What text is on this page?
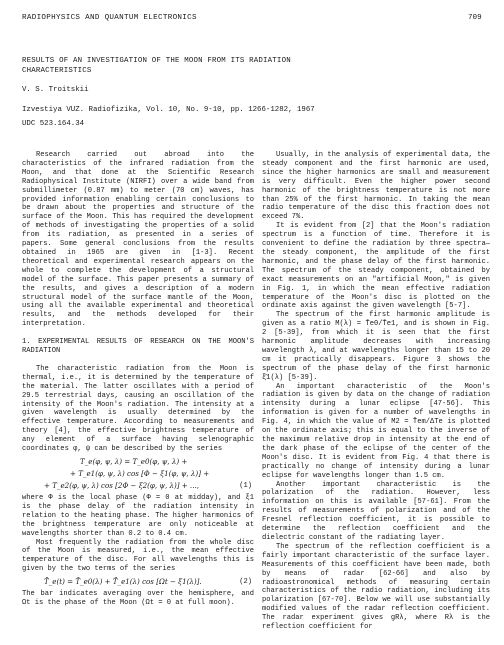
RADIOPHYSICS AND QUANTUM ELECTRONICS	709
RESULTS OF AN INVESTIGATION OF THE MOON FROM ITS RADIATION CHARACTERISTICS
V. S. Troitskii
Izvestiya VUZ. Radiofizika, Vol. 10, No. 9-10, pp. 1266-1282, 1967
UDC 523.164.34

Research carried out abroad into the characteristics of the infrared radiation from the Moon, and that done at the Scientific Research Radiophysical Institute (NIRFI) over a wide band from submillimeter (0.87 mm) to meter (70 cm) waves, has provided information enabling certain conclusions to be drawn about the properties and structure of the surface of the Moon. This has required the development of methods of investigating the properties of a solid from its radiation, as presented in a series of papers. Some general conclusions from the results obtained in 1965 are given in [1-3]. Recent theoretical and experimental research appears on the whole to complete the development of a structural model of the surface. This paper presents a summary of the results, and gives a description of a modern structural model of the surface mantle of the Moon, using all the available experimental and theoretical results, and the methods developed for their interpretation.

1. EXPERIMENTAL RESULTS OF RESEARCH ON THE MOON'S RADIATION

The characteristic radiation from the Moon is thermal, i.e., it is determined by the temperature of the material. The latter oscillates with a period of 29.5 terrestrial days, causing an oscillation of the intensity of the Moon's radiation. The intensity at a given wavelength is usually determined by the effective temperature. According to measurements and theory [4], the effective brightness temperature of any element of a surface having selenographic coordinates φ, ψ can be described by the series

T_e(φ, ψ, λ) = T_e0(φ, ψ, λ) +
+ T_e1(φ, ψ, λ) cos [Φ − ξ1(φ, ψ, λ)] +
+ T_e2(φ, ψ, λ) cos [2Φ − ξ2(φ, ψ, λ)] + ...,	(1)

where Φ is the local phase (Φ = 0 at midday), and ξ1 is the phase delay of the radiation intensity in relation to the heating phase. The higher harmonics of the brightness temperature are only noticeable at wavelengths shorter than 0.2 to 0.4 cm.

Most frequently the radiation from the whole disc of the Moon is measured, i.e., the mean effective temperature of the disc. For all wavelengths this is given by the two terms of the series

T̄_e(t) = T̄_e0(λ) + T̄_e1(λ) cos [Ωt − ξ̄1(λ)].	(2)

The bar indicates averaging over the hemisphere, and Ωt is the phase of the Moon (Ωt = 0 at full moon).

Usually, in the analysis of experimental data, the steady component and the first harmonic are used, since the higher harmonics are small and measurement is very difficult. Even the higher power second harmonic of the brightness temperature is not more than 25% of the first harmonic. In taking the mean radio temperature of the disc this fraction does not exceed 7%.

It is evident from [2] that the Moon's radiation spectrum is a function of time. Therefore it is convenient to define the radiation by three spectra—the steady component, the amplitude of the first harmonic, and the phase delay of the first harmonic. The spectrum of the steady component, obtained by exact measurements on an "artificial Moon," is given in Fig. 1, in which the mean effective radiation temperature of the Moon's disc is plotted on the ordinate axis against the given wavelength [5-7].

The spectrum of the first harmonic amplitude is given as a ratio M(λ) = T̄e0/T̄e1, and is shown in Fig. 2 [5-39], from which it is seen that the first harmonic amplitude decreases with increasing wavelength λ, and at wavelengths longer than 15 to 20 cm it practically disappears. Figure 3 shows the spectrum of the phase delay of the first harmonic ξ̄1(λ) [5-39].

An important characteristic of the Moon's radiation is given by data on the change of radiation intensity during a lunar eclipse [47-56]. This information is given for a number of wavelengths in Fig. 4, in which the value of M2 = T̄em/ΔTe is plotted on the ordinate axis; this is equal to the inverse of the maximum relative drop in intensity at the end of the dark phase of the eclipse of the center of the Moon's disc. It is evident from Fig. 4 that there is practically no change of intensity during a lunar eclipse for wavelengths longer than 1.5 cm.

Another important characteristic is the polarization of the radiation. However, less information on this is available [57-61]. From the results of measurements of polarization and of the Fresnel reflection coefficient, it is possible to determine the reflection coefficient and the dielectric constant of the radiating layer.

The spectrum of the reflection coefficient is a fairly important characteristic of the surface layer. Measurements of this coefficient have been made, both by means of radar [62-66] and also by radioastronomical methods of measuring certain characteristics of the radio radiation, including its polarization [67-70]. Below we will use substantially modified values of the radar reflection coefficient. The radar experiment gives gRλ, where Rλ is the reflection coefficient for
